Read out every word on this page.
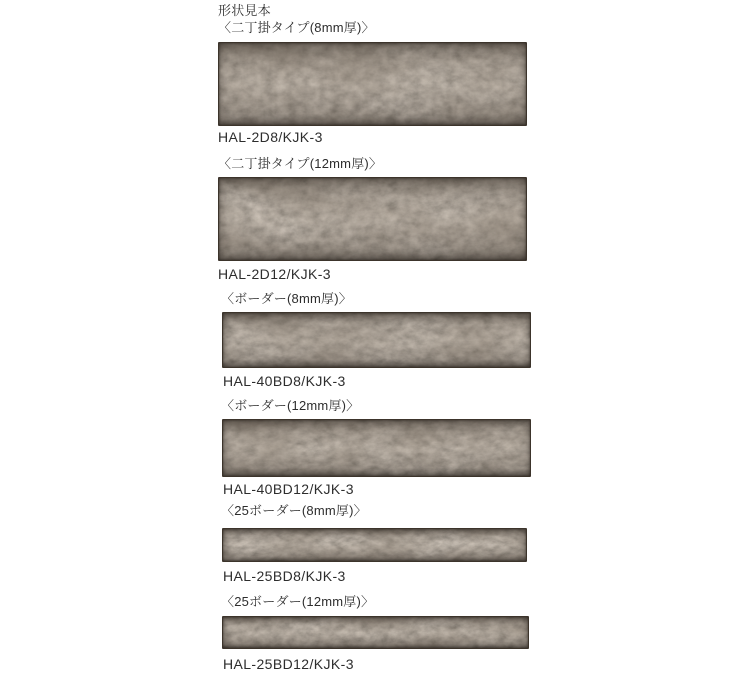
形状見本
〈二丁掛タイプ(8mm厚)〉
HAL-2D8/KJK-3
〈二丁掛タイプ(12mm厚)〉
HAL-2D12/KJK-3
〈ボーダー(8mm厚)〉
HAL-40BD8/KJK-3
〈ボーダー(12mm厚)〉
HAL-40BD12/KJK-3
〈25ボーダー(8mm厚)〉
HAL-25BD8/KJK-3
〈25ボーダー(12mm厚)〉
HAL-25BD12/KJK-3
